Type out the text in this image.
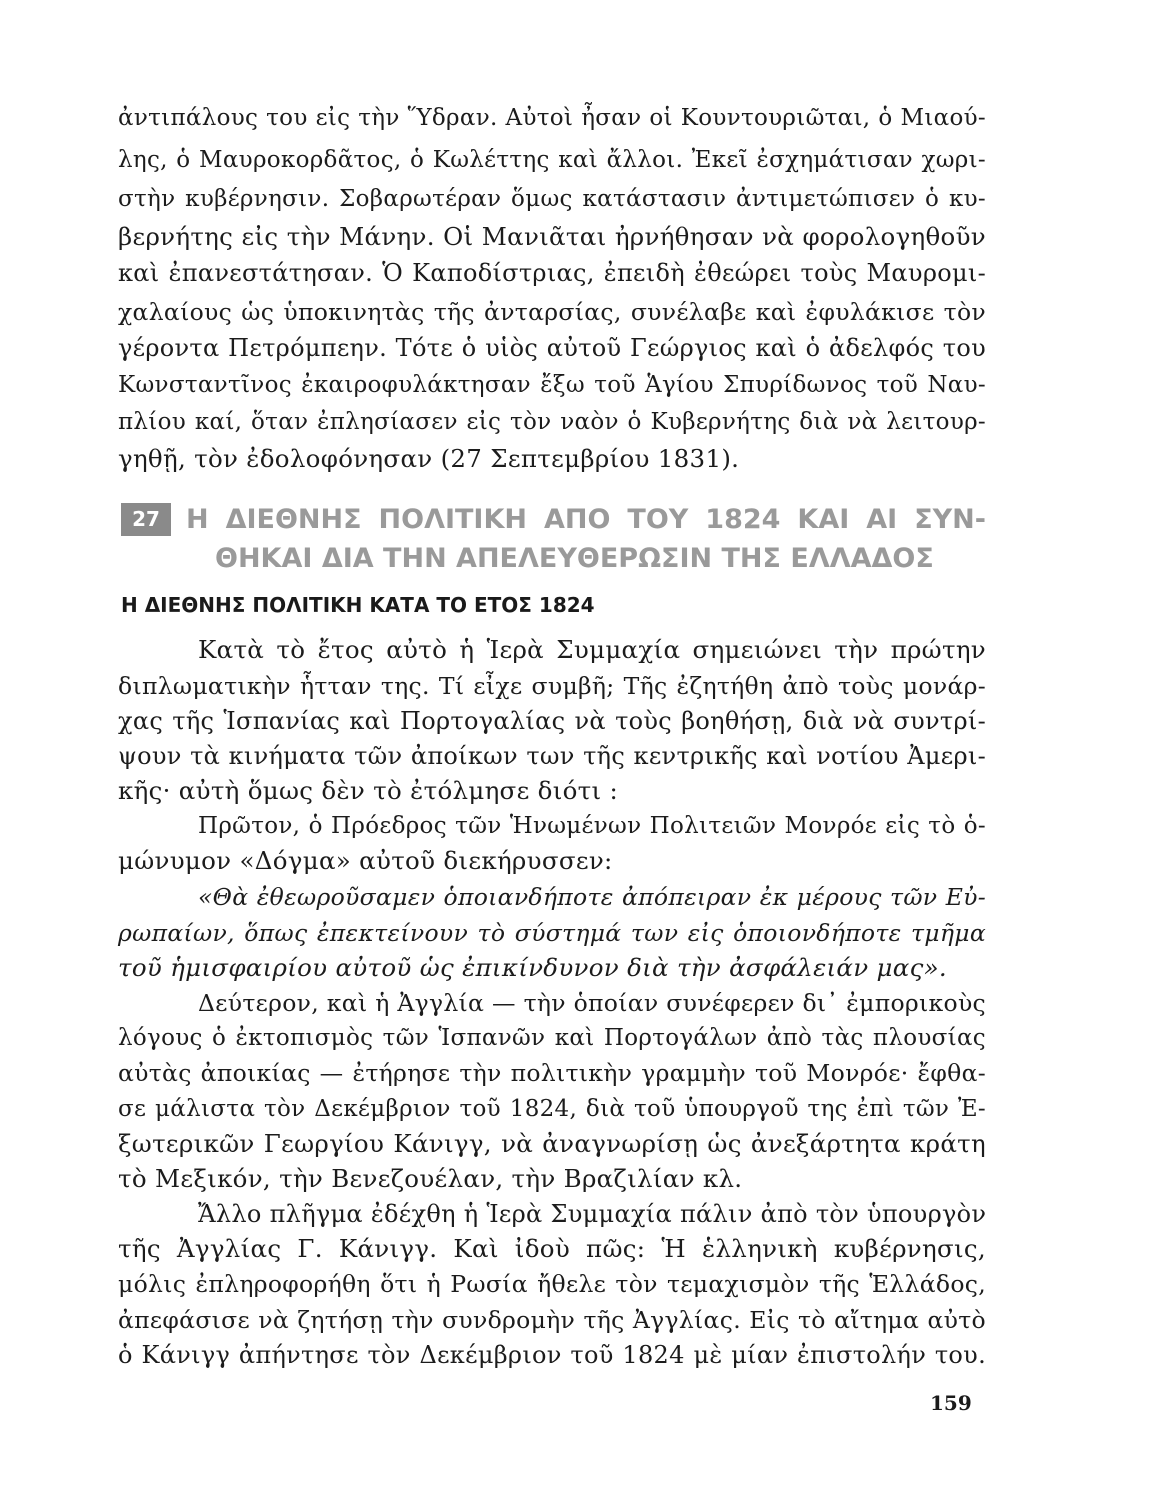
ἀντιπάλους του εἰς τὴν Ὕδραν. Αὐτοὶ ἦσαν οἱ Κουντουριῶται, ὁ Μιαού-
λης, ὁ Μαυροκορδᾶτος, ὁ Κωλέττης καὶ ἄλλοι. Ἐκεῖ ἐσχημάτισαν χωρι-
στὴν κυβέρνησιν. Σοβαρωτέραν ὅμως κατάστασιν ἀντιμετώπισεν ὁ κυ-
βερνήτης εἰς τὴν Μάνην. Οἱ Μανιᾶται ἠρνήθησαν νὰ φορολογηθοῦν
καὶ ἐπανεστάτησαν. Ὁ Καποδίστριας, ἐπειδὴ ἐθεώρει τοὺς Μαυρομι-
χαλαίους ὡς ὑποκινητὰς τῆς ἀνταρσίας, συνέλαβε καὶ ἐφυλάκισε τὸν
γέροντα Πετρόμπεην. Τότε ὁ υἱὸς αὐτοῦ Γεώργιος καὶ ὁ ἀδελφός του
Κωνσταντῖνος ἐκαιροφυλάκτησαν ἔξω τοῦ Ἁγίου Σπυρίδωνος τοῦ Ναυ-
πλίου καί, ὅταν ἐπλησίασεν εἰς τὸν ναὸν ὁ Κυβερνήτης διὰ νὰ λειτουρ-
γηθῇ, τὸν ἐδολοφόνησαν (27 Σεπτεμβρίου 1831).
27 Η ΔΙΕΘΝΗΣ ΠΟΛΙΤΙΚΗ ΑΠΟ ΤΟΥ 1824 ΚΑΙ ΑΙ ΣΥΝ-
ΘΗΚΑΙ ΔΙΑ ΤΗΝ ΑΠΕΛΕΥΘΕΡΩΣΙΝ ΤΗΣ ΕΛΛΑΔΟΣ
Η ΔΙΕΘΝΗΣ ΠΟΛΙΤΙΚΗ ΚΑΤΑ ΤΟ ΕΤΟΣ 1824
Κατὰ τὸ ἔτος αὐτὸ ἡ Ἱερὰ Συμμαχία σημειώνει τὴν πρώτην
διπλωματικὴν ἧτταν της. Τί εἶχε συμβῆ; Τῆς ἐζητήθη ἀπὸ τοὺς μονάρ-
χας τῆς Ἱσπανίας καὶ Πορτογαλίας νὰ τοὺς βοηθήσῃ, διὰ νὰ συντρί-
ψουν τὰ κινήματα τῶν ἀποίκων των τῆς κεντρικῆς καὶ νοτίου Ἀμερι-
κῆς· αὐτὴ ὅμως δὲν τὸ ἐτόλμησε διότι :
Πρῶτον, ὁ Πρόεδρος τῶν Ἡνωμένων Πολιτειῶν Μονρόε εἰς τὸ ὁ-
μώνυμον «Δόγμα» αὐτοῦ διεκήρυσσεν:
«Θὰ ἐθεωροῦσαμεν ὁποιανδήποτε ἀπόπειραν ἐκ μέρους τῶν Εὐ-
ρωπαίων, ὅπως ἐπεκτείνουν τὸ σύστημά των εἰς ὁποιονδήποτε τμῆμα
τοῦ ἡμισφαιρίου αὐτοῦ ὡς ἐπικίνδυνον διὰ τὴν ἀσφάλειάν μας».
Δεύτερον, καὶ ἡ Ἀγγλία — τὴν ὁποίαν συνέφερεν δι᾽ ἐμπορικοὺς
λόγους ὁ ἐκτοπισμὸς τῶν Ἱσπανῶν καὶ Πορτογάλων ἀπὸ τὰς πλουσίας
αὐτὰς ἀποικίας — ἐτήρησε τὴν πολιτικὴν γραμμὴν τοῦ Μονρόε· ἔφθα-
σε μάλιστα τὸν Δεκέμβριον τοῦ 1824, διὰ τοῦ ὑπουργοῦ της ἐπὶ τῶν Ἐ-
ξωτερικῶν Γεωργίου Κάνιγγ, νὰ ἀναγνωρίσῃ ὡς ἀνεξάρτητα κράτη
τὸ Μεξικόν, τὴν Βενεζουέλαν, τὴν Βραζιλίαν κλ.
Ἄλλο πλῆγμα ἐδέχθη ἡ Ἱερὰ Συμμαχία πάλιν ἀπὸ τὸν ὑπουργὸν
τῆς Ἀγγλίας Γ. Κάνιγγ. Καὶ ἰδοὺ πῶς: Ἡ ἑλληνικὴ κυβέρνησις,
μόλις ἐπληροφορήθη ὅτι ἡ Ρωσία ἤθελε τὸν τεμαχισμὸν τῆς Ἑλλάδος,
ἀπεφάσισε νὰ ζητήσῃ τὴν συνδρομὴν τῆς Ἀγγλίας. Εἰς τὸ αἴτημα αὐτὸ
ὁ Κάνιγγ ἀπήντησε τὸν Δεκέμβριον τοῦ 1824 μὲ μίαν ἐπιστολήν του.
159
